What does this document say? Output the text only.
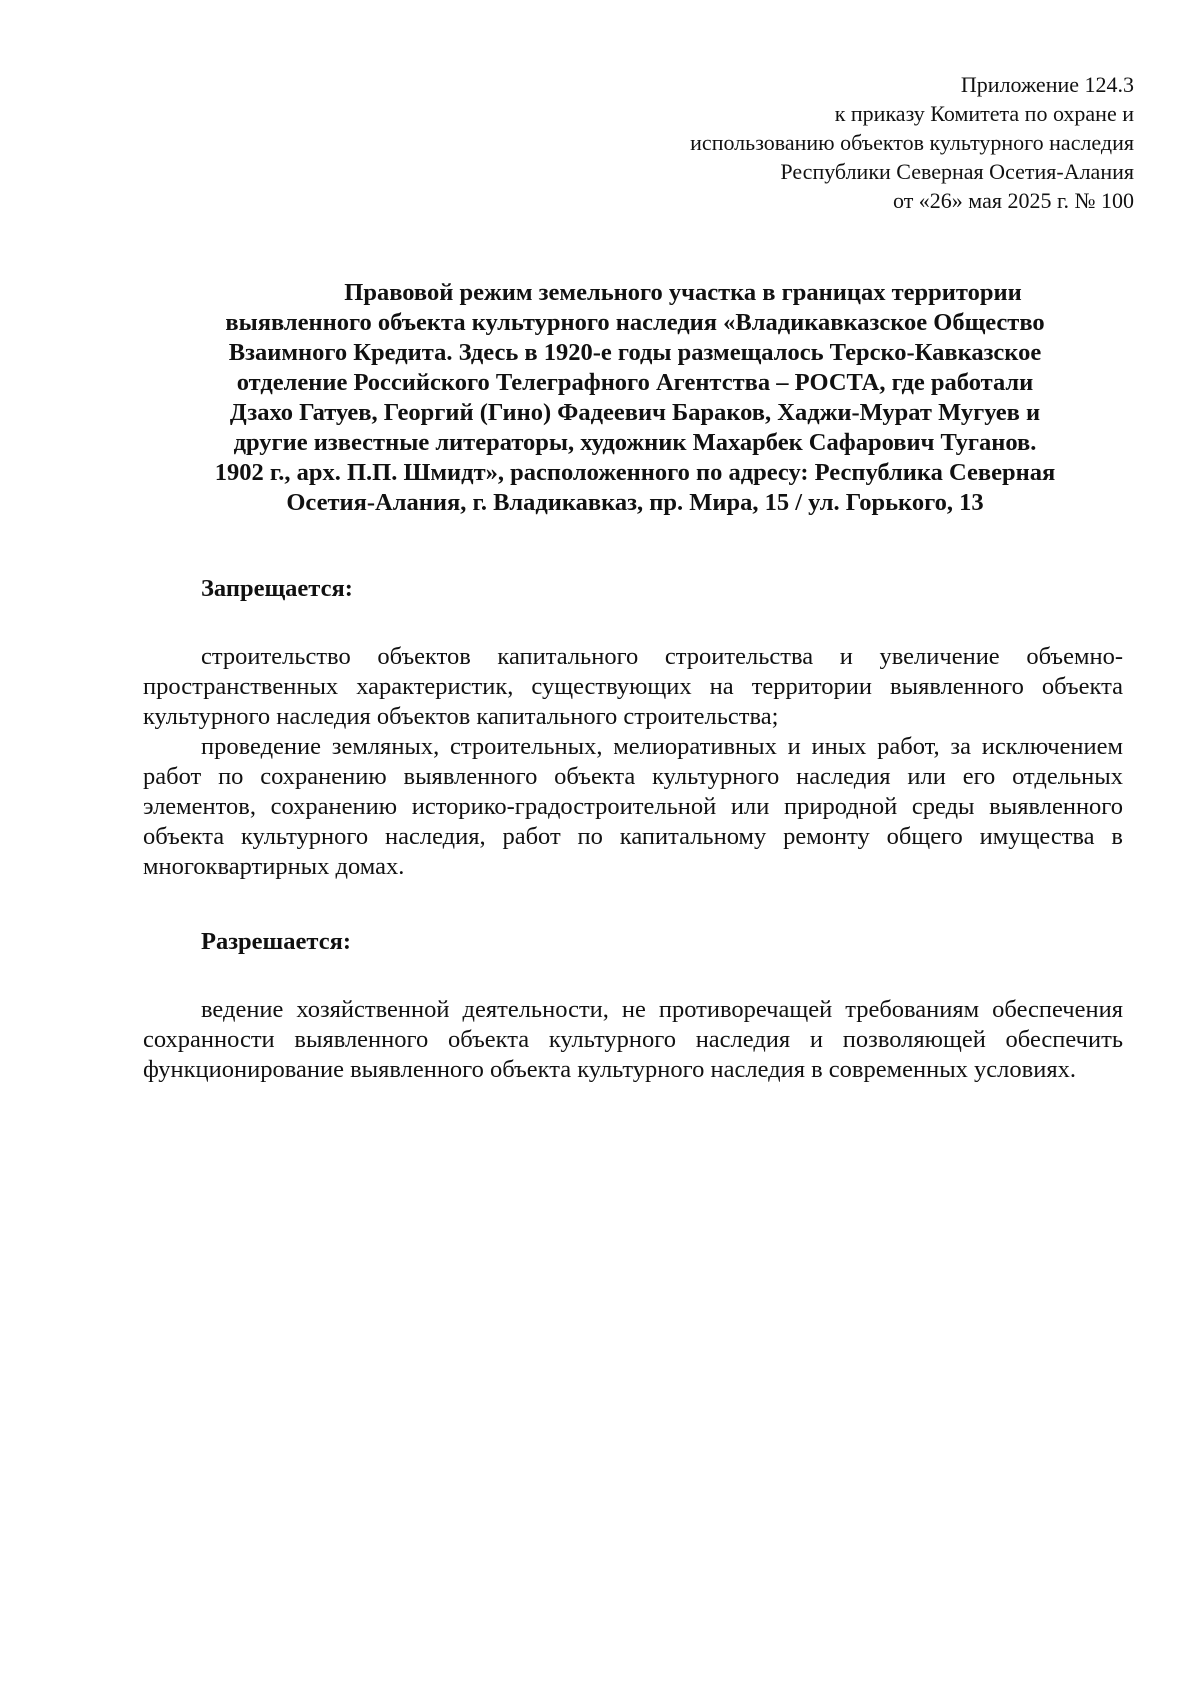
Приложение 124.3
к приказу Комитета по охране и
использованию объектов культурного наследия
Республики Северная Осетия-Алания
от «26» мая 2025 г. № 100
Правовой режим земельного участка в границах территории
выявленного объекта культурного наследия «Владикавказское Общество
Взаимного Кредита. Здесь в 1920-е годы размещалось Терско-Кавказское
отделение Российского Телеграфного Агентства – РОСТА, где работали
Дзахо Гатуев, Георгий (Гино) Фадеевич Бараков, Хаджи-Мурат Мугуев и
другие известные литераторы, художник Махарбек Сафарович Туганов.
1902 г., арх. П.П. Шмидт», расположенного по адресу: Республика Северная
Осетия-Алания, г. Владикавказ, пр. Мира, 15 / ул. Горького, 13
Запрещается:

строительство объектов капитального строительства и увеличение объемно-пространственных характеристик, существующих на территории выявленного объекта культурного наследия объектов капитального строительства;

проведение земляных, строительных, мелиоративных и иных работ, за исключением работ по сохранению выявленного объекта культурного наследия или его отдельных элементов, сохранению историко-градостроительной или природной среды выявленного объекта культурного наследия, работ по капитальному ремонту общего имущества в многоквартирных домах.

Разрешается:

ведение хозяйственной деятельности, не противоречащей требованиям обеспечения сохранности выявленного объекта культурного наследия и позволяющей обеспечить функционирование выявленного объекта культурного наследия в современных условиях.
